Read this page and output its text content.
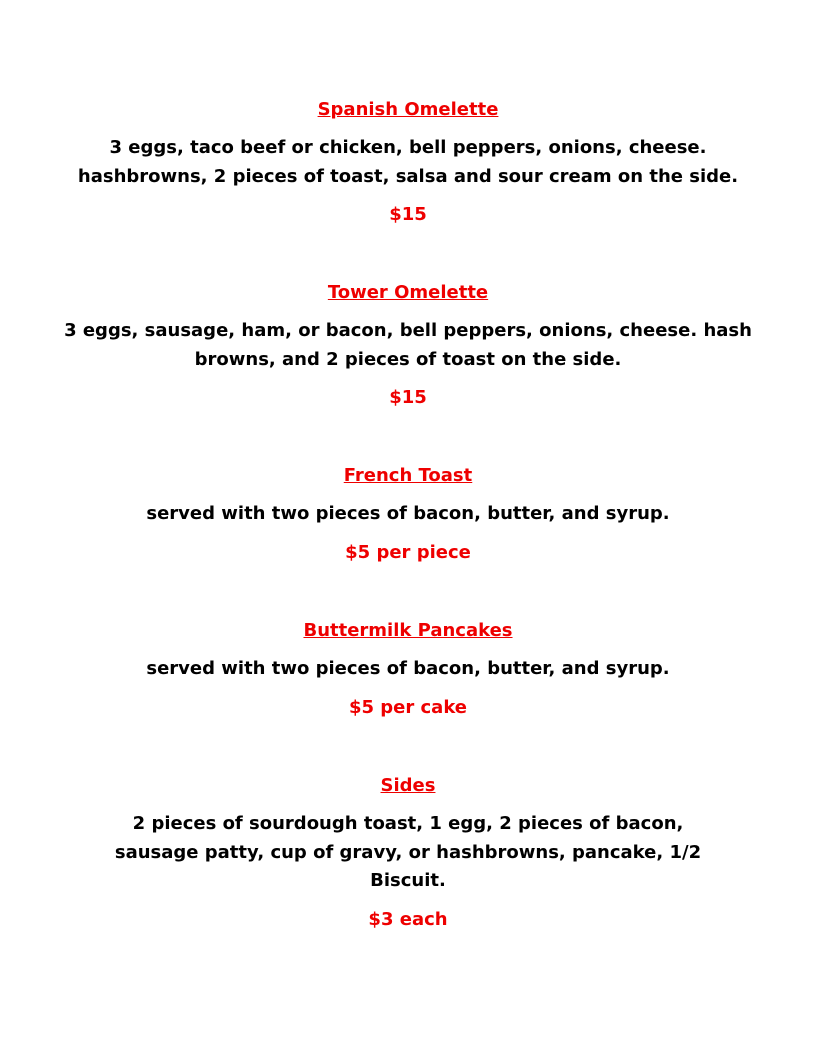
Spanish Omelette
3 eggs, taco beef or chicken, bell peppers, onions, cheese. hashbrowns, 2 pieces of toast, salsa and sour cream on the side.
$15
Tower Omelette
3 eggs, sausage, ham, or bacon, bell peppers, onions, cheese. hash browns, and 2 pieces of toast on the side.
$15
French Toast
served with two pieces of bacon, butter, and syrup.
$5 per piece
Buttermilk Pancakes
served with two pieces of bacon, butter, and syrup.
$5 per cake
Sides
2 pieces of sourdough toast, 1 egg, 2 pieces of bacon, sausage patty, cup of gravy, or hashbrowns, pancake, 1/2 Biscuit.
$3 each
